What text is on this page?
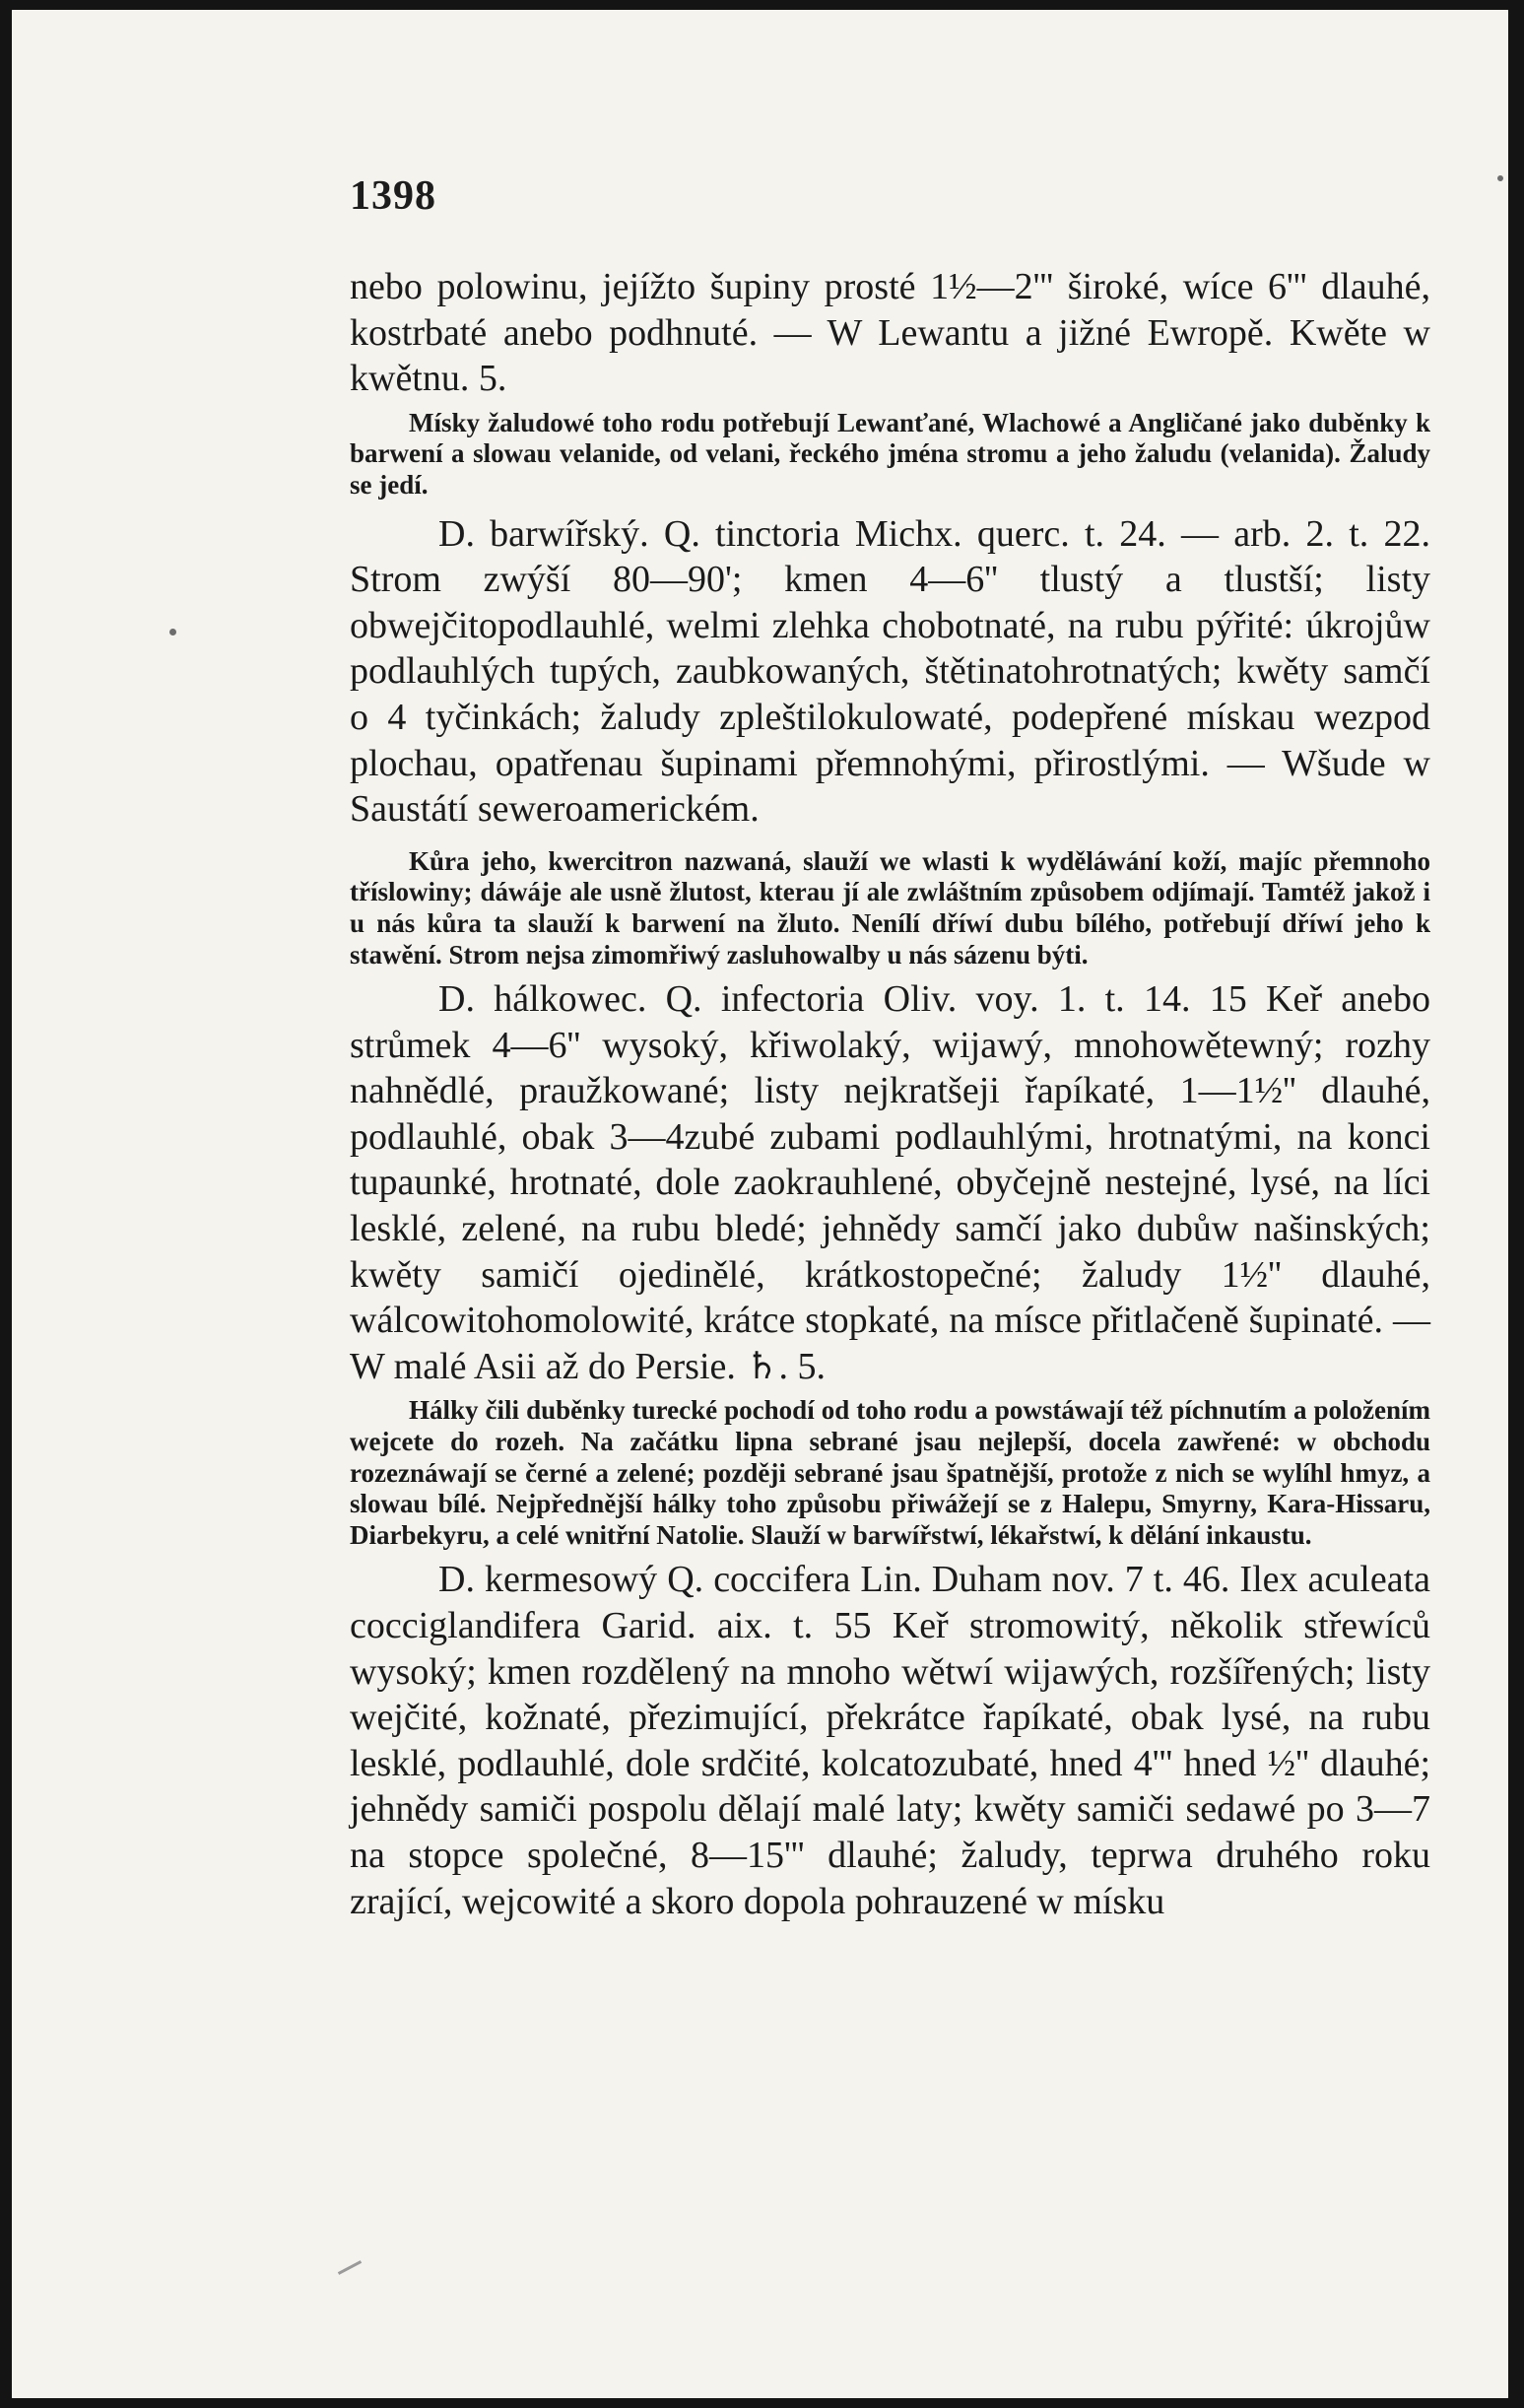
1398

nebo polowinu, jejížto šupiny prosté 1½—2''' široké, wíce 6''' dlauhé, kostrbaté anebo podhnuté. — W Lewantu a jižné Ewropě. Kwěte w kwětnu. 5.

Mísky žaludowé toho rodu potřebují Lewanťané, Wlachowé a Angličané jako duběnky k barwení a slowau velanide, od velani, řeckého jména stromu a jeho žaludu (velanida). Žaludy se jedí.

D. barwířský. Q. tinctoria Michx. querc. t. 24. — arb. 2. t. 22. Strom zwýší 80—90'; kmen 4—6'' tlustý a tlustší; listy obwejčitopodlauhlé, welmi zlehka chobotnaté, na rubu pýřité: úkrojůw podlauhlých tupých, zaubkowaných, štětinatohrotnatých; kwěty samčí o 4 tyčinkách; žaludy zpleštilokulowaté, podepřené mískau wezpod plochau, opatřenau šupinami přemnohými, přirostlými. — Wšude w Saustátí seweroamerickém.

Kůra jeho, kwercitron nazwaná, slauží we wlasti k wyděláwání koží, majíc přemnoho tříslowiny; dáwáje ale usně žlutost, kterau jí ale zwláštním způsobem odjímají. Tamtéž jakož i u nás kůra ta slauží k barwení na žluto. Nenílí dříwí dubu bílého, potřebují dříwí jeho k stawění. Strom nejsa zimomřiwý zasluhowalby u nás sázenu býti.

D. hálkowec. Q. infectoria Oliv. voy. 1. t. 14. 15 Keř anebo strůmek 4—6'' wysoký, křiwolaký, wijawý, mnohowětewný; rozhy nahnědlé, praužkowané; listy nejkratšeji řapíkaté, 1—1½'' dlauhé, podlauhlé, obak 3—4zubé zubami podlauhlými, hrotnatými, na konci tupaunké, hrotnaté, dole zaokrauhlené, obyčejně nestejné, lysé, na líci lesklé, zelené, na rubu bledé; jehnědy samčí jako dubůw našinských; kwěty samičí ojedinělé, krátkostopečné; žaludy 1½'' dlauhé, wálcowitohomolowité, krátce stopkaté, na mísce přitlačeně šupinaté. — W malé Asii až do Persie. ♄. 5.

Hálky čili duběnky turecké pochodí od toho rodu a powstáwají též píchnutím a položením wejcete do rozeh. Na začátku lipna sebrané jsau nejlepší, docela zawřené: w obchodu rozeznáwají se černé a zelené; později sebrané jsau špatnější, protože z nich se wylíhl hmyz, a slowau bílé. Nejpřednější hálky toho způsobu přiwážejí se z Halepu, Smyrny, Kara-Hissaru, Diarbekyru, a celé wnitřní Natolie. Slauží w barwířstwí, lékařstwí, k dělání inkaustu.

D. kermesowý Q. coccifera Lin. Duham nov. 7 t. 46. Ilex aculeata cocciglandifera Garid. aix. t. 55 Keř stromowitý, několik střewíců wysoký; kmen rozdělený na mnoho wětwí wijawých, rozšířených; listy wejčité, kožnaté, přezimující, překrátce řapíkaté, obak lysé, na rubu lesklé, podlauhlé, dole srdčité, kolcatozubaté, hned 4''' hned ½'' dlauhé; jehnědy samiči pospolu dělají malé laty; kwěty samiči sedawé po 3—7 na stopce společné, 8—15''' dlauhé; žaludy, teprwa druhého roku zrající, wejcowité a skoro dopola pohrauzené w mísku
